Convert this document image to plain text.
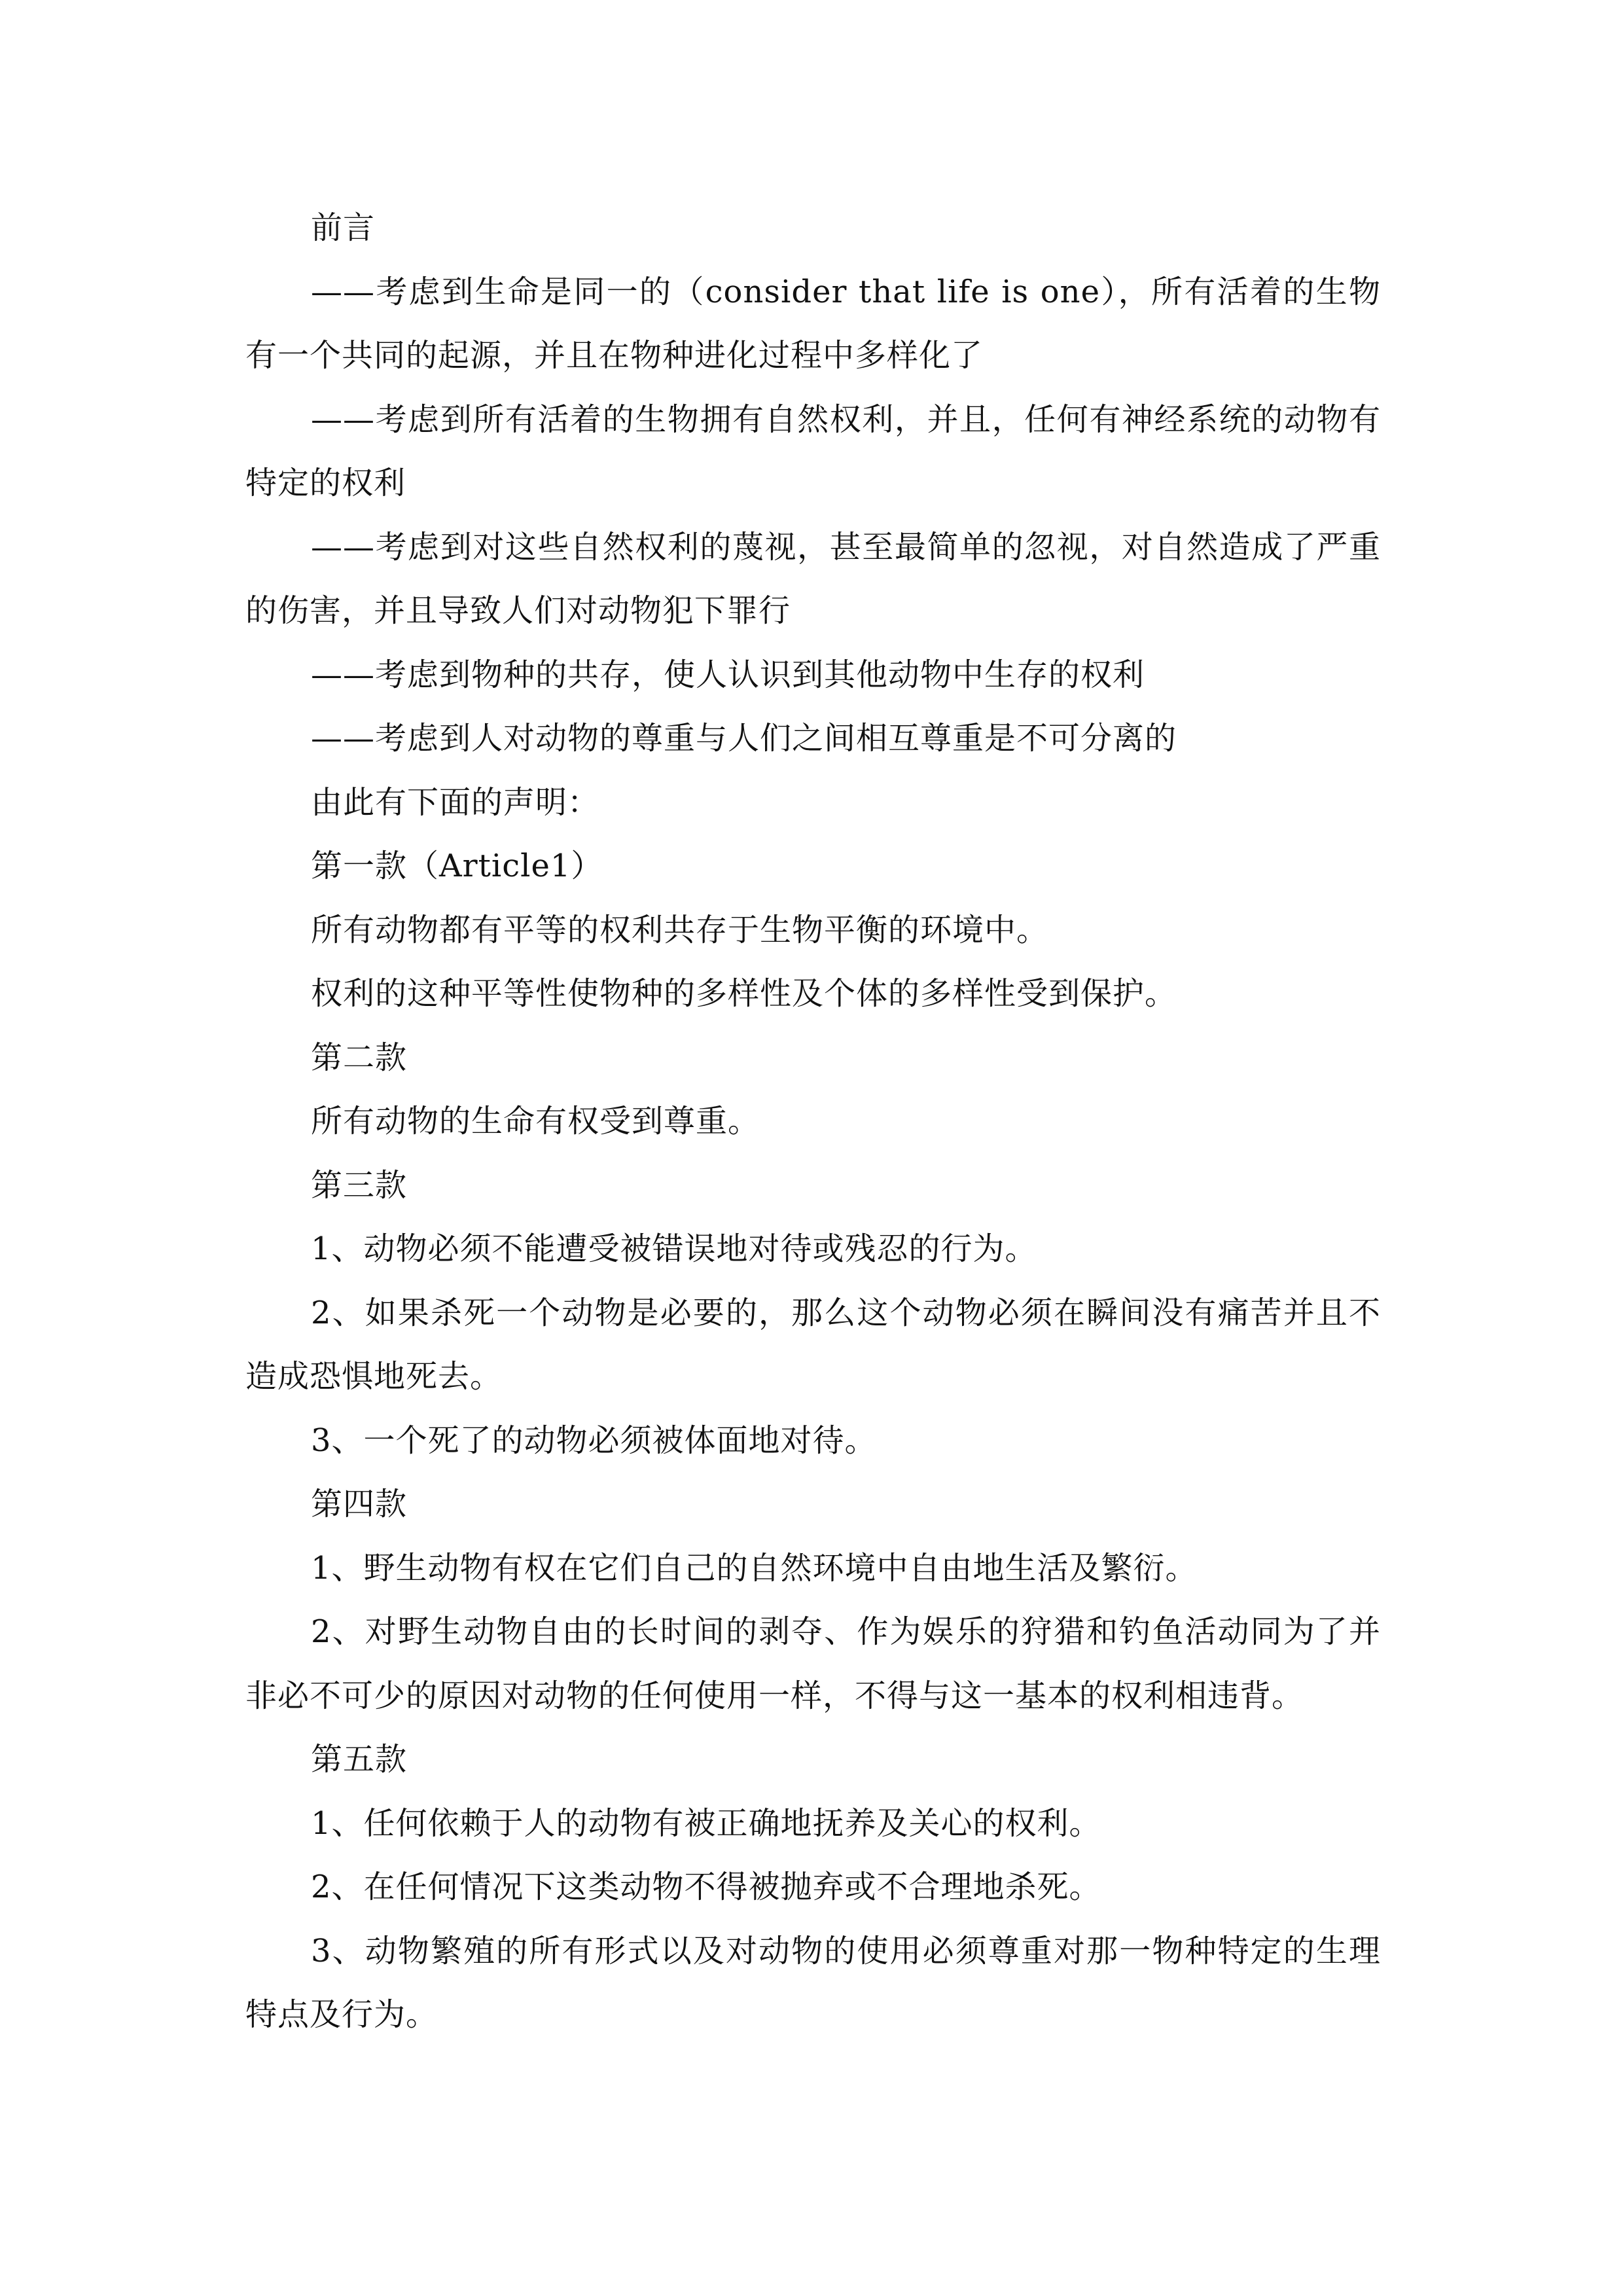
前言

——考虑到生命是同一的（consider that life is one），所有活着的生物有一个共同的起源，并且在物种进化过程中多样化了

——考虑到所有活着的生物拥有自然权利，并且，任何有神经系统的动物有特定的权利

——考虑到对这些自然权利的蔑视，甚至最简单的忽视，对自然造成了严重的伤害，并且导致人们对动物犯下罪行

——考虑到物种的共存，使人认识到其他动物中生存的权利

——考虑到人对动物的尊重与人们之间相互尊重是不可分离的

由此有下面的声明：

第一款（Article1）

所有动物都有平等的权利共存于生物平衡的环境中。

权利的这种平等性使物种的多样性及个体的多样性受到保护。

第二款

所有动物的生命有权受到尊重。

第三款

1、动物必须不能遭受被错误地对待或残忍的行为。

2、如果杀死一个动物是必要的，那么这个动物必须在瞬间没有痛苦并且不造成恐惧地死去。

3、一个死了的动物必须被体面地对待。

第四款

1、野生动物有权在它们自己的自然环境中自由地生活及繁衍。

2、对野生动物自由的长时间的剥夺、作为娱乐的狩猎和钓鱼活动同为了并非必不可少的原因对动物的任何使用一样，不得与这一基本的权利相违背。

第五款

1、任何依赖于人的动物有被正确地抚养及关心的权利。

2、在任何情况下这类动物不得被抛弃或不合理地杀死。

3、动物繁殖的所有形式以及对动物的使用必须尊重对那一物种特定的生理特点及行为。
